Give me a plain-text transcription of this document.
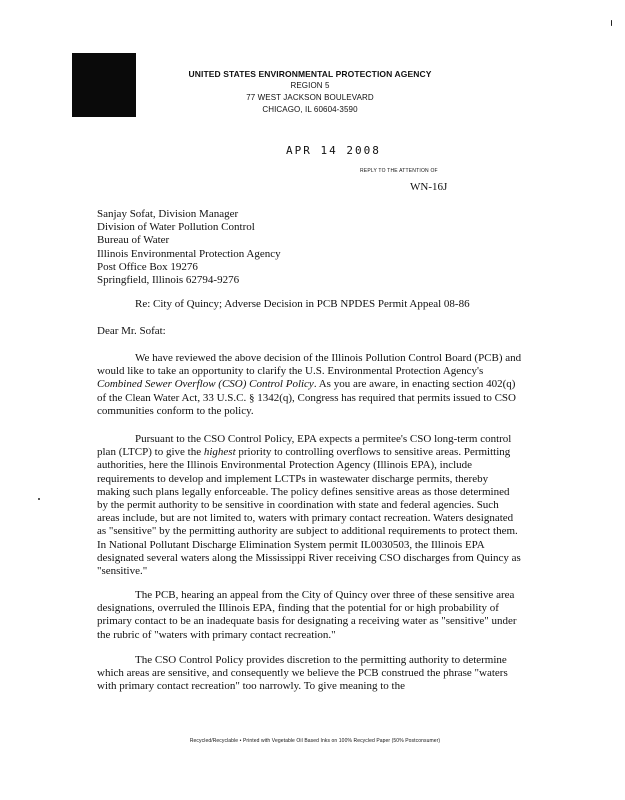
UNITED STATES ENVIRONMENTAL PROTECTION AGENCY
REGION 5
77 WEST JACKSON BOULEVARD
CHICAGO, IL 60604-3590
APR 14 2008
REPLY TO THE ATTENTION OF
WN-16J
Sanjay Sofat, Division Manager
Division of Water Pollution Control
Bureau of Water
Illinois Environmental Protection Agency
Post Office Box 19276
Springfield, Illinois 62794-9276
Re: City of Quincy; Adverse Decision in PCB NPDES Permit Appeal 08-86
Dear Mr. Sofat:

We have reviewed the above decision of the Illinois Pollution Control Board (PCB) and would like to take an opportunity to clarify the U.S. Environmental Protection Agency's Combined Sewer Overflow (CSO) Control Policy. As you are aware, in enacting section 402(q) of the Clean Water Act, 33 U.S.C. § 1342(q), Congress has required that permits issued to CSO communities conform to the policy.

Pursuant to the CSO Control Policy, EPA expects a permitee's CSO long-term control plan (LTCP) to give the highest priority to controlling overflows to sensitive areas. Permitting authorities, here the Illinois Environmental Protection Agency (Illinois EPA), include requirements to develop and implement LCTPs in wastewater discharge permits, thereby making such plans legally enforceable. The policy defines sensitive areas as those determined by the permit authority to be sensitive in coordination with state and federal agencies. Such areas include, but are not limited to, waters with primary contact recreation. Waters designated as "sensitive" by the permitting authority are subject to additional requirements to protect them. In National Pollutant Discharge Elimination System permit IL0030503, the Illinois EPA designated several waters along the Mississippi River receiving CSO discharges from Quincy as "sensitive."

The PCB, hearing an appeal from the City of Quincy over three of these sensitive area designations, overruled the Illinois EPA, finding that the potential for or high probability of primary contact to be an inadequate basis for designating a receiving water as "sensitive" under the rubric of "waters with primary contact recreation."

The CSO Control Policy provides discretion to the permitting authority to determine which areas are sensitive, and consequently we believe the PCB construed the phrase "waters with primary contact recreation" too narrowly. To give meaning to the

Recycled/Recyclable • Printed with Vegetable Oil Based Inks on 100% Recycled Paper (50% Postconsumer)
